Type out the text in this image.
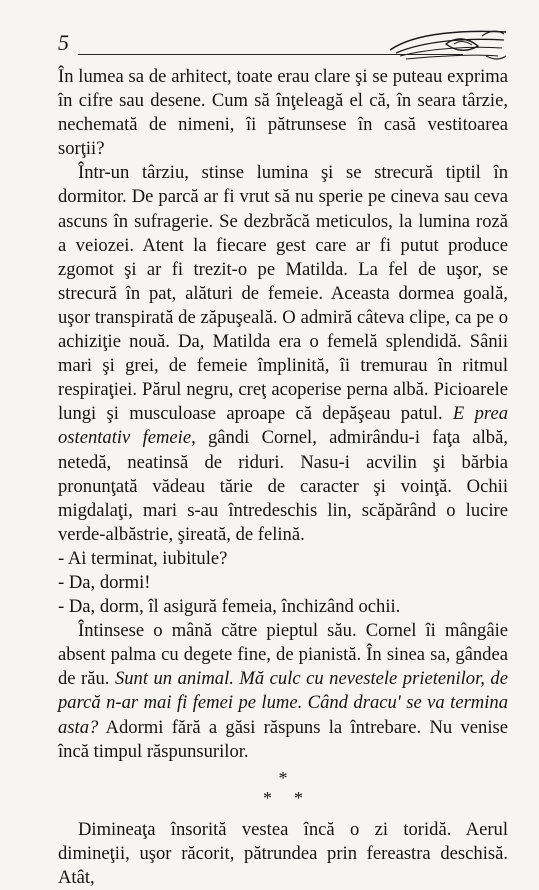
5

În lumea sa de arhitect, toate erau clare şi se puteau exprima în cifre sau desene. Cum să înţeleagă el că, în seara târzie, nechemată de nimeni, îi pătrunsese în casă vestitoarea sorţii?

Într-un târziu, stinse lumina şi se strecură tiptil în dormitor. De parcă ar fi vrut să nu sperie pe cineva sau ceva ascuns în sufragerie. Se dezbrăcă meticulos, la lumina roză a veiozei. Atent la fiecare gest care ar fi putut produce zgomot şi ar fi trezit-o pe Matilda. La fel de uşor, se strecură în pat, alături de femeie. Aceasta dormea goală, uşor transpirată de zăpuşeală. O admiră câteva clipe, ca pe o achiziţie nouă. Da, Matilda era o femelă splendidă. Sânii mari şi grei, de femeie împlinită, îi tremurau în ritmul respiraţiei. Părul negru, creţ acoperise perna albă. Picioarele lungi şi musculoase aproape că depăşeau patul. E prea ostentativ femeie, gândi Cornel, admirându-i faţa albă, netedă, neatinsă de riduri. Nasu-i acvilin şi bărbia pronunţată vădeau tărie de caracter şi voinţă. Ochii migdalaţi, mari s-au întredeschis lin, scăpărând o lucire verde-albăstrie, şireată, de felină.

- Ai terminat, iubitule?

- Da, dormi!

- Da, dorm, îl asigură femeia, închizând ochii.

Întinsese o mână către pieptul său. Cornel îi mângâie absent palma cu degete fine, de pianistă. În sinea sa, gândea de rău. Sunt un animal. Mă culc cu nevestele prietenilor, de parcă n-ar mai fi femei pe lume. Când dracu' se va termina asta? Adormi fără a găsi răspuns la întrebare. Nu venise încă timpul răspunsurilor.

*
* *

Dimineaţa însorită vestea încă o zi toridă. Aerul dimineţii, uşor răcorit, pătrundea prin fereastra deschisă. Atât,
